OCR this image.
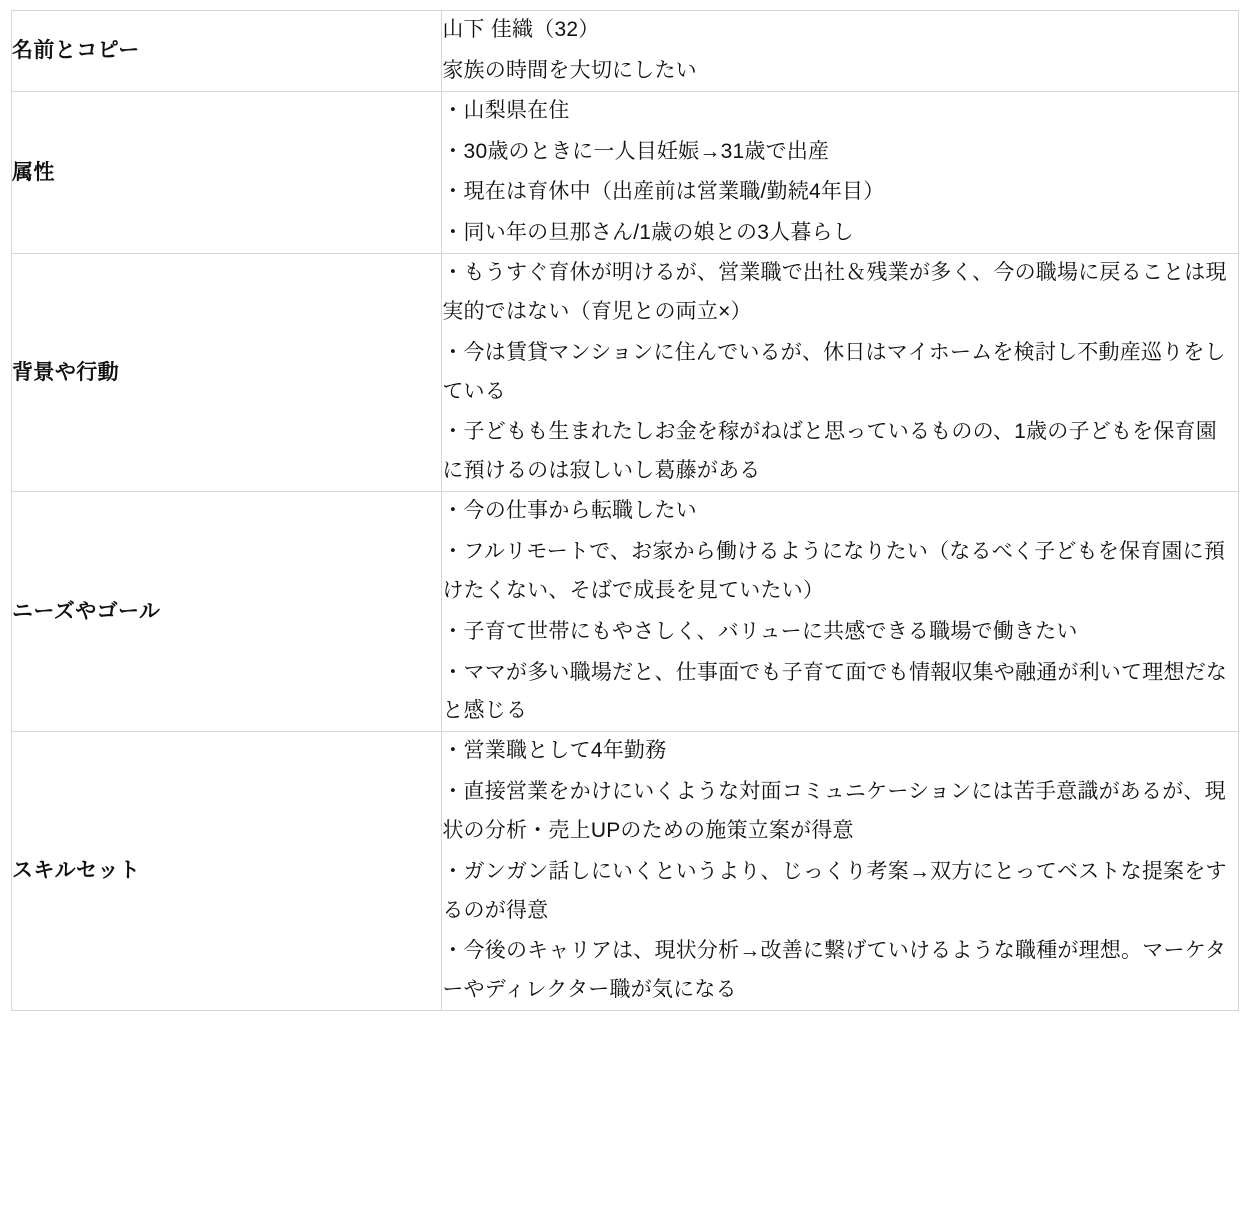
名前とコピー	山下 佳織（32）
家族の時間を大切にしたい

属性	・山梨県在住
・30歳のときに一人目妊娠→31歳で出産
・現在は育休中（出産前は営業職/勤続4年目）
・同い年の旦那さん/1歳の娘との3人暮らし

背景や行動	・もうすぐ育休が明けるが、営業職で出社＆残業が多く、今の職場に戻ることは現実的ではない（育児との両立×）
・今は賃貸マンションに住んでいるが、休日はマイホームを検討し不動産巡りをしている
・子どもも生まれたしお金を稼がねばと思っているものの、1歳の子どもを保育園に預けるのは寂しいし葛藤がある

ニーズやゴール	・今の仕事から転職したい
・フルリモートで、お家から働けるようになりたい（なるべく子どもを保育園に預けたくない、そばで成長を見ていたい）
・子育て世帯にもやさしく、バリューに共感できる職場で働きたい
・ママが多い職場だと、仕事面でも子育て面でも情報収集や融通が利いて理想だなと感じる

スキルセット	・営業職として4年勤務
・直接営業をかけにいくような対面コミュニケーションには苦手意識があるが、現状の分析・売上UPのための施策立案が得意
・ガンガン話しにいくというより、じっくり考案→双方にとってベストな提案をするのが得意
・今後のキャリアは、現状分析→改善に繋げていけるような職種が理想。マーケターやディレクター職が気になる
